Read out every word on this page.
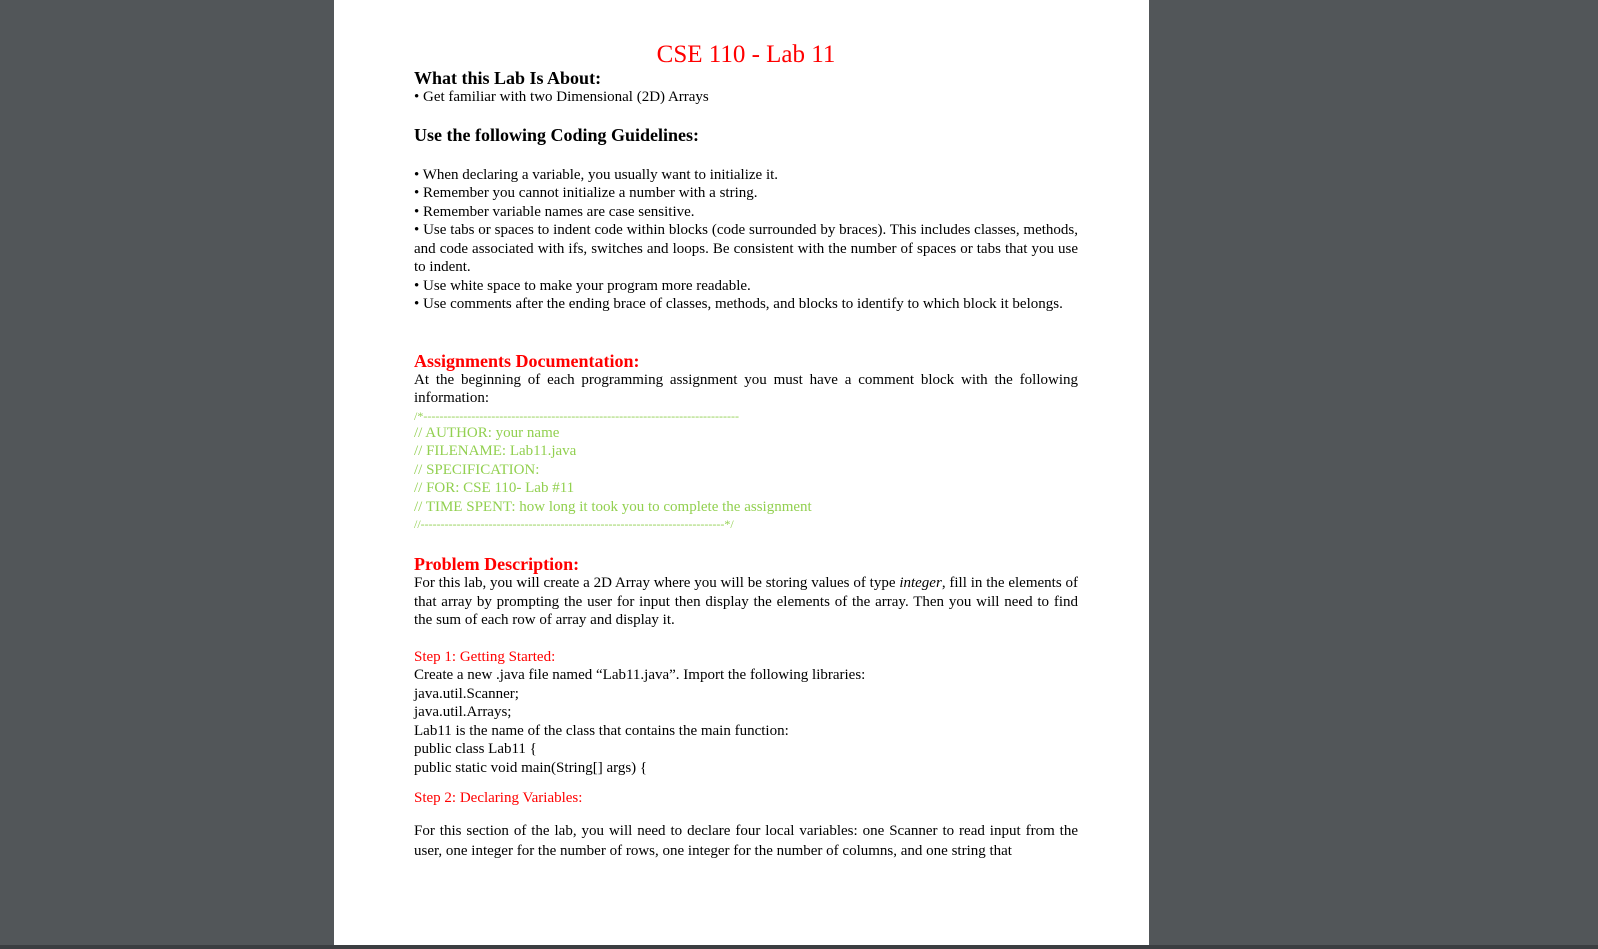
CSE 110 - Lab 11

What this Lab Is About:

• Get familiar with two Dimensional (2D) Arrays

Use the following Coding Guidelines:

• When declaring a variable, you usually want to initialize it.
• Remember you cannot initialize a number with a string.
• Remember variable names are case sensitive.
• Use tabs or spaces to indent code within blocks (code surrounded by braces). This includes classes, methods, and code associated with ifs, switches and loops. Be consistent with the number of spaces or tabs that you use to indent.
• Use white space to make your program more readable.
• Use comments after the ending brace of classes, methods, and blocks to identify to which block it belongs.

Assignments Documentation:

At the beginning of each programming assignment you must have a comment block with the following information:

/*-------------------------------------------------------------------------------

// AUTHOR: your name

// FILENAME: Lab11.java

// SPECIFICATION:

// FOR: CSE 110- Lab #11

// TIME SPENT: how long it took you to complete the assignment

//----------------------------------------------------------------------------*/

Problem Description:

For this lab, you will create a 2D Array where you will be storing values of type integer, fill in the elements of that array by prompting the user for input then display the elements of the array. Then you will need to find the sum of each row of array and display it.

Step 1: Getting Started:

Create a new .java file named “Lab11.java”. Import the following libraries:

java.util.Scanner;

java.util.Arrays;

Lab11 is the name of the class that contains the main function:

public class Lab11 {

public static void main(String[] args) {

Step 2: Declaring Variables:

For this section of the lab, you will need to declare four local variables: one Scanner to read input from the user, one integer for the number of rows, one integer for the number of columns, and one string that
